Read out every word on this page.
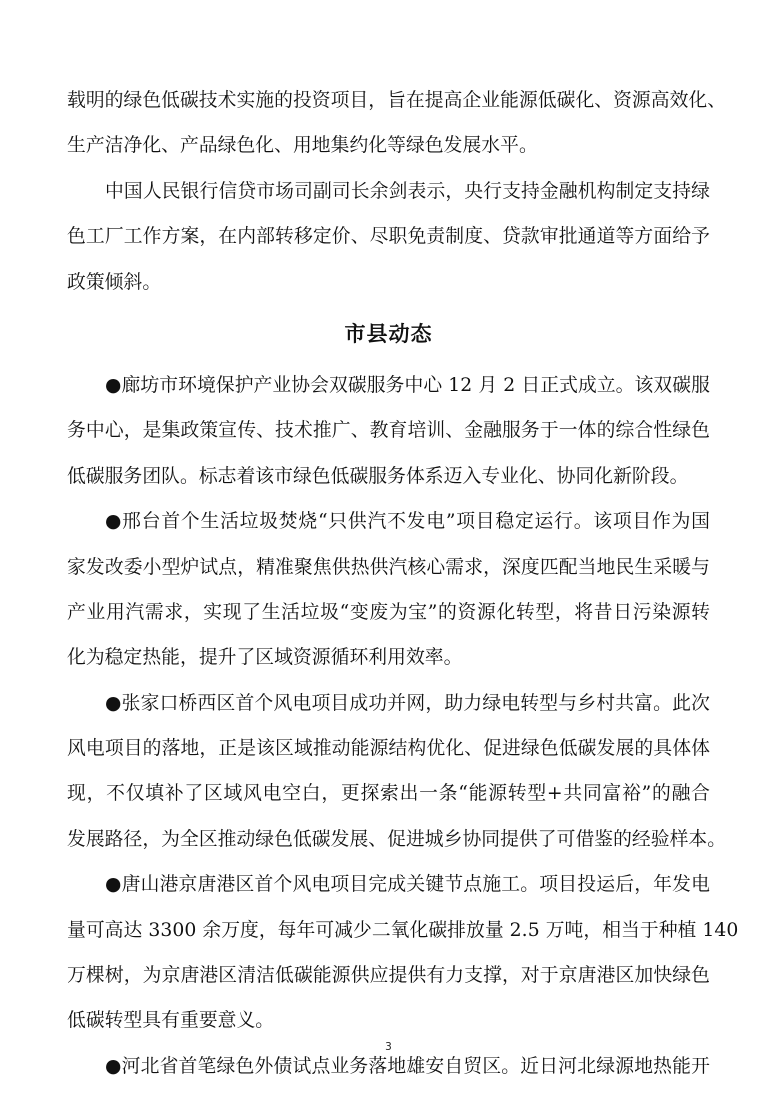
载明的绿色低碳技术实施的投资项目，旨在提高企业能源低碳化、资源高效化、
生产洁净化、产品绿色化、用地集约化等绿色发展水平。
中国人民银行信贷市场司副司长余剑表示，央行支持金融机构制定支持绿
色工厂工作方案，在内部转移定价、尽职免责制度、贷款审批通道等方面给予
政策倾斜。
市县动态
●廊坊市环境保护产业协会双碳服务中心 12 月 2 日正式成立。该双碳服
务中心，是集政策宣传、技术推广、教育培训、金融服务于一体的综合性绿色
低碳服务团队。标志着该市绿色低碳服务体系迈入专业化、协同化新阶段。
●邢台首个生活垃圾焚烧“只供汽不发电”项目稳定运行。该项目作为国
家发改委小型炉试点，精准聚焦供热供汽核心需求，深度匹配当地民生采暖与
产业用汽需求，实现了生活垃圾“变废为宝”的资源化转型，将昔日污染源转
化为稳定热能，提升了区域资源循环利用效率。
●张家口桥西区首个风电项目成功并网，助力绿电转型与乡村共富。此次
风电项目的落地，正是该区域推动能源结构优化、促进绿色低碳发展的具体体
现，不仅填补了区域风电空白，更探索出一条“能源转型+共同富裕”的融合
发展路径，为全区推动绿色低碳发展、促进城乡协同提供了可借鉴的经验样本。
●唐山港京唐港区首个风电项目完成关键节点施工。项目投运后，年发电
量可高达 3300 余万度，每年可减少二氧化碳排放量 2.5 万吨，相当于种植 140
万棵树，为京唐港区清洁低碳能源供应提供有力支撑，对于京唐港区加快绿色
低碳转型具有重要意义。
●河北省首笔绿色外债试点业务落地雄安自贸区。近日河北绿源地热能开
3
